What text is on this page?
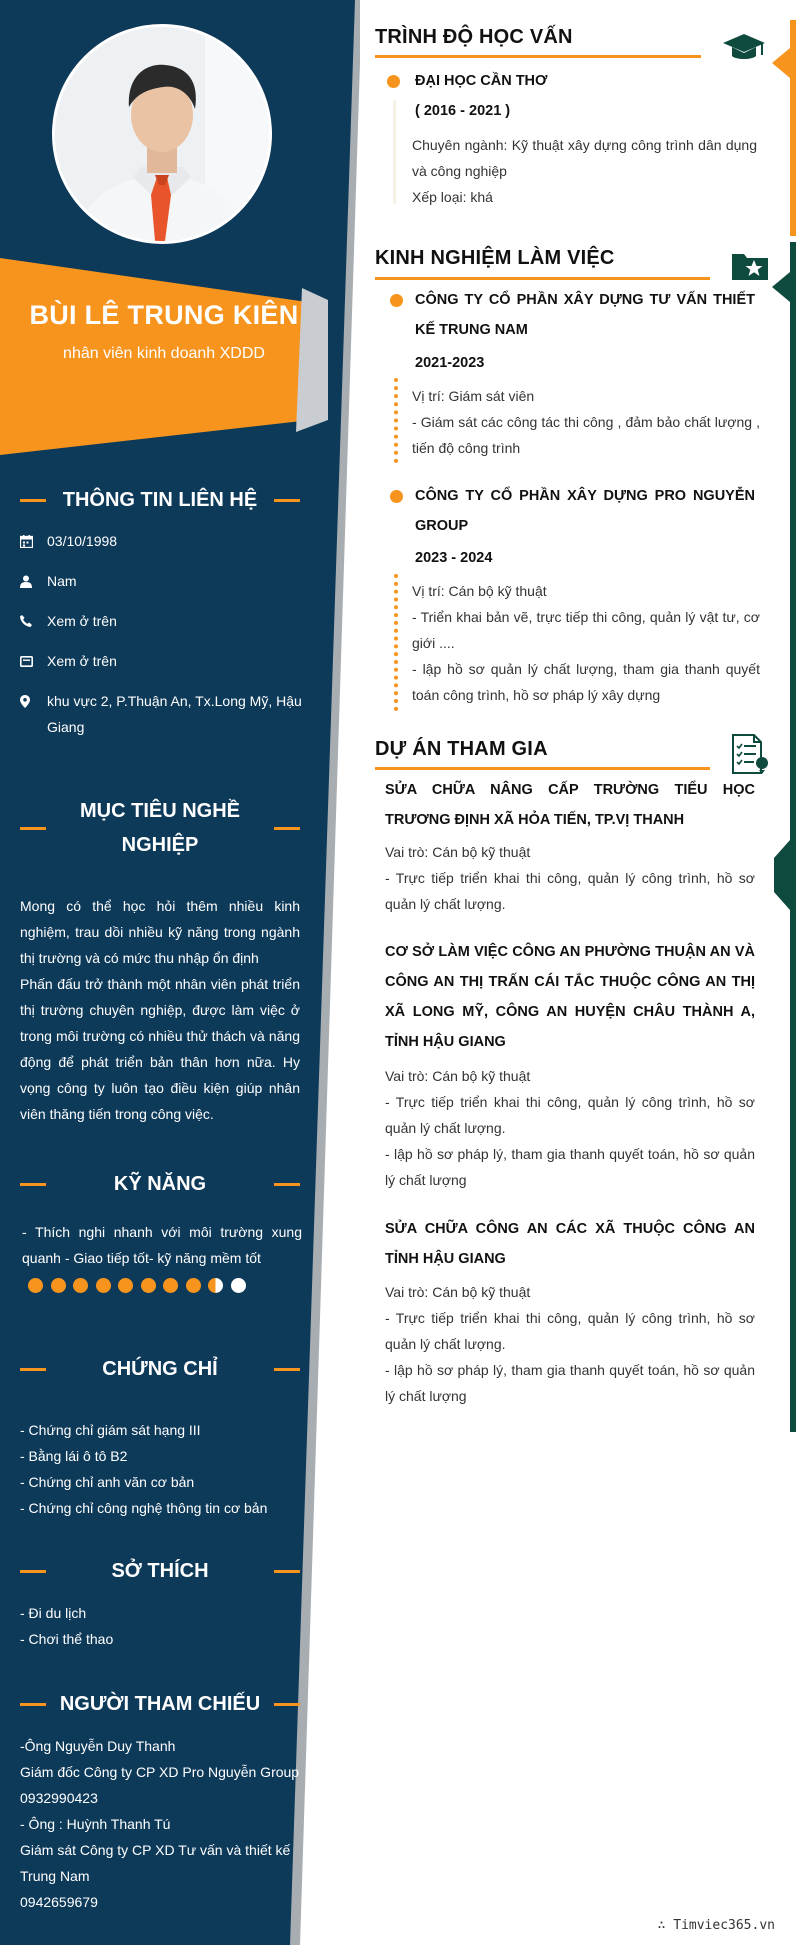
BÙI LÊ TRUNG KIÊN
nhân viên kinh doanh XDDD
THÔNG TIN LIÊN HỆ
03/10/1998
Nam
Xem ở trên
Xem ở trên
khu vực 2, P.Thuận An, Tx.Long Mỹ, Hậu Giang
MỤC TIÊU NGHỀ
NGHIỆP
Mong có thể học hỏi thêm nhiều kinh nghiệm, trau dồi nhiều kỹ năng trong ngành thị trường và có mức thu nhập ổn định
Phấn đấu trở thành một nhân viên phát triển thị trường chuyên nghiệp, được làm việc ở trong môi trường có nhiều thử thách và năng động để phát triển bản thân hơn nữa. Hy vọng công ty luôn tạo điều kiện giúp nhân viên thăng tiến trong công việc.
KỸ NĂNG
- Thích nghi nhanh với môi trường xung quanh - Giao tiếp tốt- kỹ năng mềm tốt
CHỨNG CHỈ
- Chứng chỉ giám sát hạng III
- Bằng lái ô tô B2
- Chứng chỉ anh văn cơ bản
- Chứng chỉ công nghệ thông tin cơ bản
SỞ THÍCH
- Đi du lịch
- Chơi thể thao
NGƯỜI THAM CHIẾU
-Ông Nguyễn Duy Thanh
Giám đốc Công ty CP XD Pro Nguyễn Group
0932990423
- Ông : Huỳnh Thanh Tú
Giám sát Công ty CP XD Tư vấn và thiết kế Trung Nam
0942659679
TRÌNH ĐỘ HỌC VẤN
ĐẠI HỌC CẦN THƠ
( 2016 - 2021 )
Chuyên ngành: Kỹ thuật xây dựng công trình dân dụng và công nghiệp
Xếp loại: khá
KINH NGHIỆM LÀM VIỆC
CÔNG TY CỔ PHẦN XÂY DỰNG TƯ VẤN THIẾT KẾ TRUNG NAM
2021-2023
Vị trí: Giám sát viên
- Giám sát các công tác thi công , đảm bảo chất lượng , tiến độ công trình
CÔNG TY CỔ PHẦN XÂY DỰNG PRO NGUYỄN GROUP
2023 - 2024
Vị trí: Cán bộ kỹ thuật
- Triển khai bản vẽ, trực tiếp thi công, quản lý vật tư, cơ giới ....
- lập hồ sơ quản lý chất lượng, tham gia thanh quyết toán công trình, hồ sơ pháp lý xây dựng
DỰ ÁN THAM GIA
SỬA CHỮA NÂNG CẤP TRƯỜNG TIỂU HỌC TRƯƠNG ĐỊNH XÃ HỎA TIẾN, TP.VỊ THANH
Vai trò: Cán bộ kỹ thuật
- Trực tiếp triển khai thi công, quản lý công trình, hồ sơ quản lý chất lượng.
CƠ SỞ LÀM VIỆC CÔNG AN PHƯỜNG THUẬN AN VÀ CÔNG AN THỊ TRẤN CÁI TẮC THUỘC CÔNG AN THỊ XÃ LONG MỸ, CÔNG AN HUYỆN CHÂU THÀNH A, TỈNH HẬU GIANG
Vai trò: Cán bộ kỹ thuật
- Trực tiếp triển khai thi công, quản lý công trình, hồ sơ quản lý chất lượng.
- lập hồ sơ pháp lý, tham gia thanh quyết toán, hồ sơ quản lý chất lượng
SỬA CHỮA CÔNG AN CÁC XÃ THUỘC CÔNG AN TỈNH HẬU GIANG
Vai trò: Cán bộ kỹ thuật
- Trực tiếp triển khai thi công, quản lý công trình, hồ sơ quản lý chất lượng.
- lập hồ sơ pháp lý, tham gia thanh quyết toán, hồ sơ quản lý chất lượng
∴ Timviec365.vn
